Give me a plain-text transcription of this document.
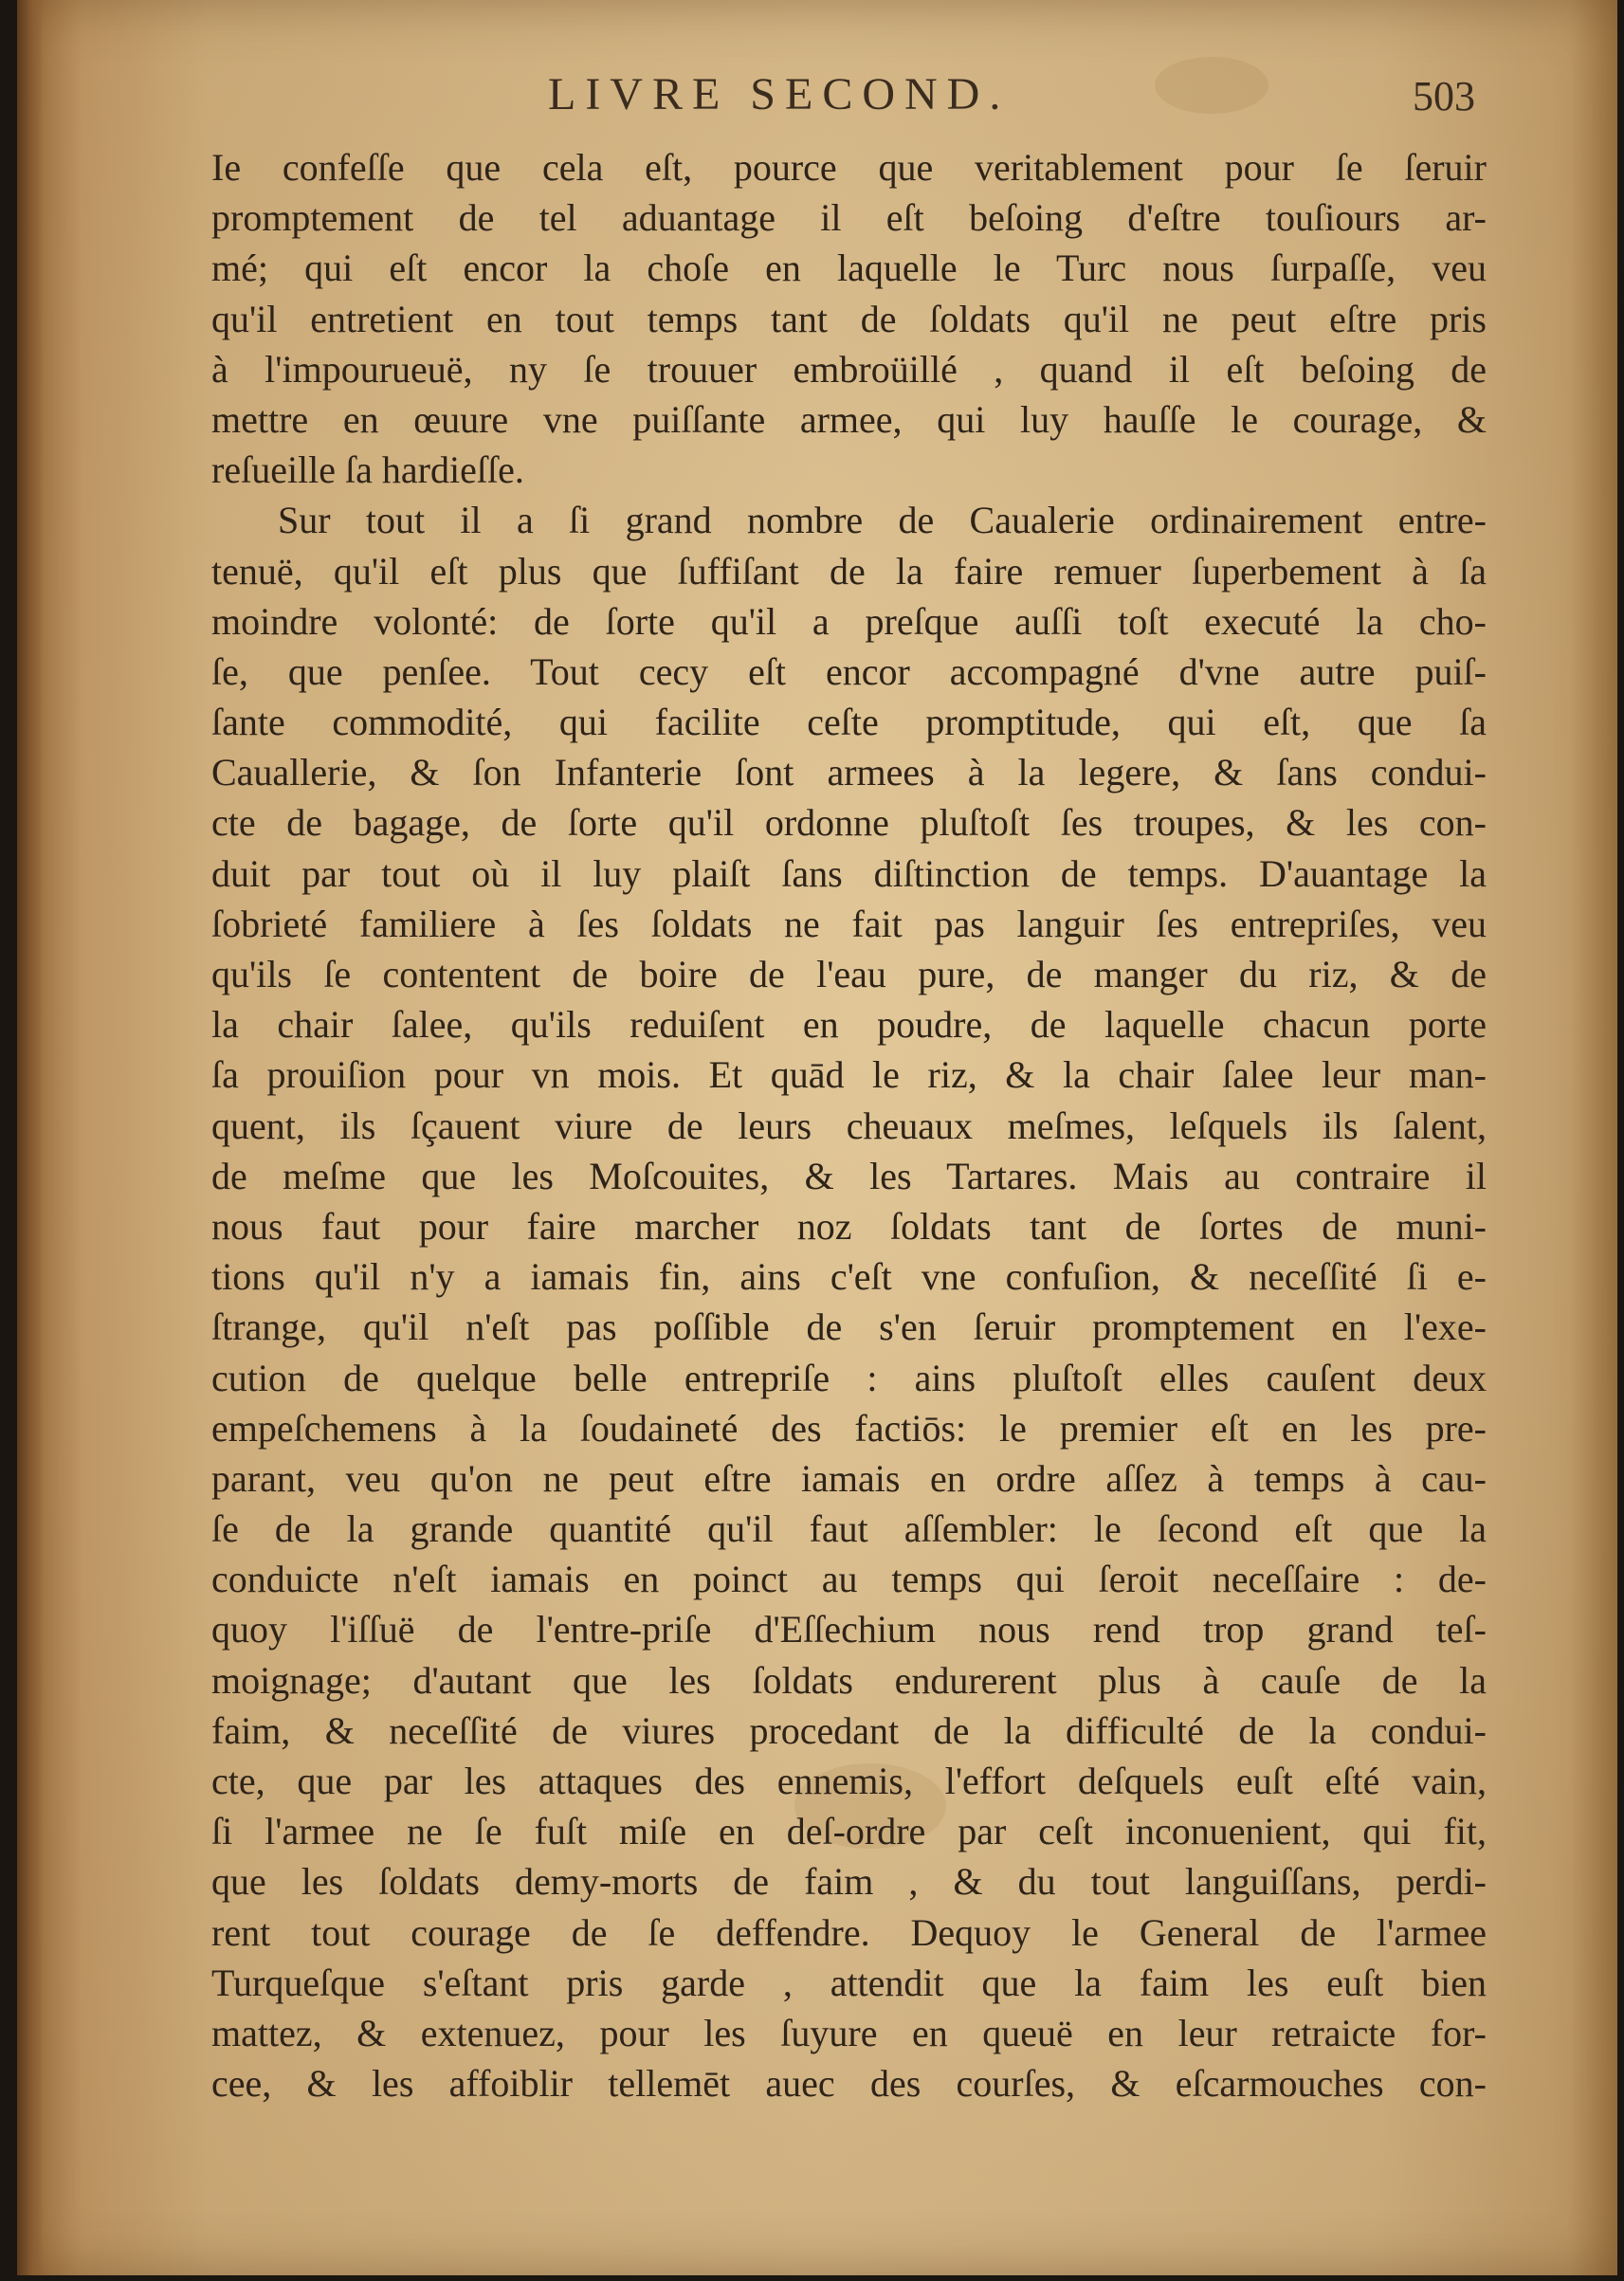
LIVRE SECOND.	503
Ie confeſſe que cela eſt, pource que veritablement pour ſe ſeruir
promptement de tel aduantage il eſt beſoing d'eſtre touſiours ar-
mé; qui eſt encor la choſe en laquelle le Turc nous ſurpaſſe, veu
qu'il entretient en tout temps tant de ſoldats qu'il ne peut eſtre pris
à l'impourueuë, ny ſe trouuer embroüillé , quand il eſt beſoing de
mettre en œuure vne puiſſante armee, qui luy hauſſe le courage, &
reſueille ſa hardieſſe.
Sur tout il a ſi grand nombre de Caualerie ordinairement entre-
tenuë, qu'il eſt plus que ſuffiſant de la faire remuer ſuperbement à ſa
moindre volonté: de ſorte qu'il a preſque auſſi toſt executé la cho-
ſe, que penſee. Tout cecy eſt encor accompagné d'vne autre puiſ-
ſante commodité, qui facilite ceſte promptitude, qui eſt, que ſa
Cauallerie, & ſon Infanterie ſont armees à la legere, & ſans condui-
cte de bagage, de ſorte qu'il ordonne pluſtoſt ſes troupes, & les con-
duit par tout où il luy plaiſt ſans diſtinction de temps. D'auantage la
ſobrieté familiere à ſes ſoldats ne fait pas languir ſes entrepriſes, veu
qu'ils ſe contentent de boire de l'eau pure, de manger du riz, & de
la chair ſalee, qu'ils reduiſent en poudre, de laquelle chacun porte
ſa prouiſion pour vn mois. Et quād le riz, & la chair ſalee leur man-
quent, ils ſçauent viure de leurs cheuaux meſmes, leſquels ils ſalent,
de meſme que les Moſcouites, & les Tartares. Mais au contraire il
nous faut pour faire marcher noz ſoldats tant de ſortes de muni-
tions qu'il n'y a iamais fin, ains c'eſt vne confuſion, & neceſſité ſi e-
ſtrange, qu'il n'eſt pas poſſible de s'en ſeruir promptement en l'exe-
cution de quelque belle entrepriſe : ains pluſtoſt elles cauſent deux
empeſchemens à la ſoudaineté des factiōs: le premier eſt en les pre-
parant, veu qu'on ne peut eſtre iamais en ordre aſſez à temps à cau-
ſe de la grande quantité qu'il faut aſſembler: le ſecond eſt que la
conduicte n'eſt iamais en poinct au temps qui ſeroit neceſſaire : de-
quoy l'iſſuë de l'entre-priſe d'Eſſechium nous rend trop grand teſ-
moignage; d'autant que les ſoldats endurerent plus à cauſe de la
faim, & neceſſité de viures procedant de la difficulté de la condui-
cte, que par les attaques des ennemis, l'effort deſquels euſt eſté vain,
ſi l'armee ne ſe fuſt miſe en deſ-ordre par ceſt inconuenient, qui fit,
que les ſoldats demy-morts de faim , & du tout languiſſans, perdi-
rent tout courage de ſe deffendre. Dequoy le General de l'armee
Turqueſque s'eſtant pris garde , attendit que la faim les euſt bien
mattez, & extenuez, pour les ſuyure en queuë en leur retraicte for-
cee, & les affoiblir tellemēt auec des courſes, & eſcarmouches con-
